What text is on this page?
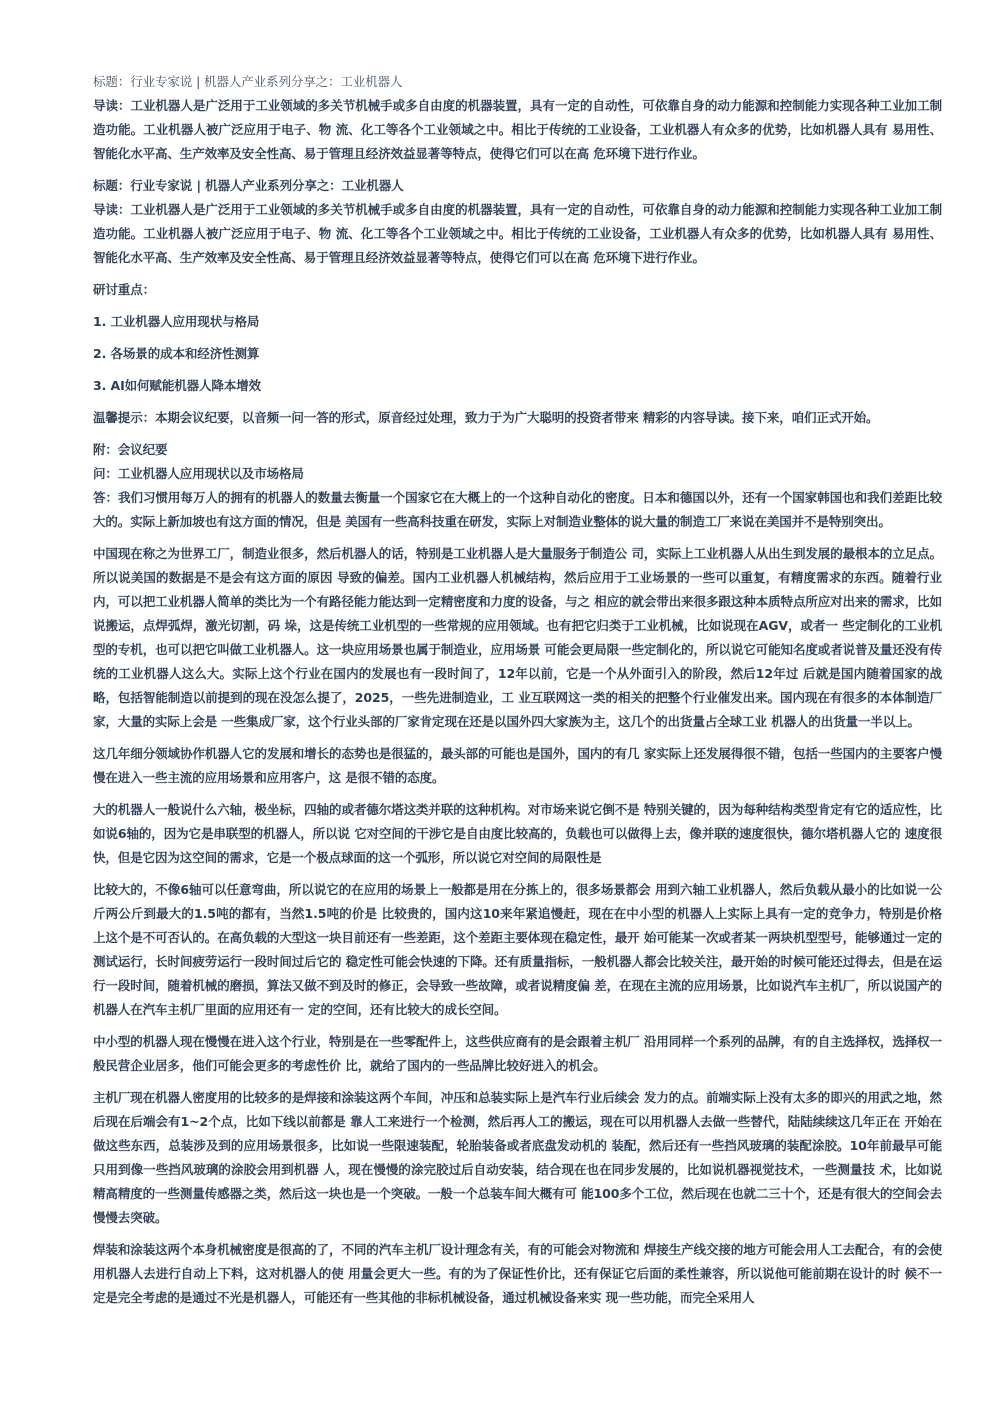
标题：行业专家说 | 机器人产业系列分享之：工业机器人

导读：工业机器人是广泛用于工业领域的多关节机械手或多自由度的机器装置，具有一定的自动性，可依靠自身的动力能源和控制能力实现各种工业加工制造功能。工业机器人被广泛应用于电子、物 流、化工等各个工业领域之中。相比于传统的工业设备，工业机器人有众多的优势，比如机器人具有 易用性、智能化水平高、生产效率及安全性高、易于管理且经济效益显著等特点，使得它们可以在高 危环境下进行作业。

标题：行业专家说 | 机器人产业系列分享之：工业机器人

导读：工业机器人是广泛用于工业领域的多关节机械手或多自由度的机器装置，具有一定的自动性，可依靠自身的动力能源和控制能力实现各种工业加工制造功能。工业机器人被广泛应用于电子、物 流、化工等各个工业领域之中。相比于传统的工业设备，工业机器人有众多的优势，比如机器人具有 易用性、智能化水平高、生产效率及安全性高、易于管理且经济效益显著等特点，使得它们可以在高 危环境下进行作业。

研讨重点：

1. 工业机器人应用现状与格局

2. 各场景的成本和经济性测算

3. AI如何赋能机器人降本增效

温馨提示：本期会议纪要，以音频一问一答的形式，原音经过处理，致力于为广大聪明的投资者带来 精彩的内容导读。接下来，咱们正式开始。

附：会议纪要

问：工业机器人应用现状以及市场格局

答：我们习惯用每万人的拥有的机器人的数量去衡量一个国家它在大概上的一个这种自动化的密度。日本和德国以外，还有一个国家韩国也和我们差距比较大的。实际上新加坡也有这方面的情况，但是 美国有一些高科技重在研发，实际上对制造业整体的说大量的制造工厂来说在美国并不是特别突出。

中国现在称之为世界工厂，制造业很多，然后机器人的话，特别是工业机器人是大量服务于制造公 司，实际上工业机器人从出生到发展的最根本的立足点。所以说美国的数据是不是会有这方面的原因 导致的偏差。国内工业机器人机械结构，然后应用于工业场景的一些可以重复，有精度需求的东西。随着行业内，可以把工业机器人简单的类比为一个有路径能力能达到一定精密度和力度的设备，与之 相应的就会带出来很多跟这种本质特点所应对出来的需求，比如说搬运，点焊弧焊，激光切割，码 垛，这是传统工业机型的一些常规的应用领域。也有把它归类于工业机械，比如说现在AGV，或者一 些定制化的工业机型的专机，也可以把它叫做工业机器人。这一块应用场景也属于制造业，应用场景 可能会更局限一些定制化的，所以说它可能知名度或者说普及量还没有传统的工业机器人这么大。实际上这个行业在国内的发展也有一段时间了，12年以前，它是一个从外面引入的阶段，然后12年过 后就是国内随着国家的战略，包括智能制造以前提到的现在没怎么提了，2025，一些先进制造业，工 业互联网这一类的相关的把整个行业催发出来。国内现在有很多的本体制造厂家，大量的实际上会是 一些集成厂家，这个行业头部的厂家肯定现在还是以国外四大家族为主，这几个的出货量占全球工业 机器人的出货量一半以上。

这几年细分领域协作机器人它的发展和增长的态势也是很猛的，最头部的可能也是国外，国内的有几 家实际上还发展得很不错，包括一些国内的主要客户慢慢在进入一些主流的应用场景和应用客户，这 是很不错的态度。

大的机器人一般说什么六轴，极坐标，四轴的或者德尔塔这类并联的这种机构。对市场来说它倒不是 特别关键的，因为每种结构类型肯定有它的适应性，比如说6轴的，因为它是串联型的机器人，所以说 它对空间的干涉它是自由度比较高的，负载也可以做得上去，像并联的速度很快，德尔塔机器人它的 速度很快，但是它因为这空间的需求，它是一个极点球面的这一个弧形，所以说它对空间的局限性是

比较大的，不像6轴可以任意弯曲，所以说它的在应用的场景上一般都是用在分拣上的，很多场景都会 用到六轴工业机器人，然后负载从最小的比如说一公斤两公斤到最大的1.5吨的都有，当然1.5吨的价是 比较贵的，国内这10来年紧追慢赶，现在在中小型的机器人上实际上具有一定的竞争力，特别是价格 上这个是不可否认的。在高负载的大型这一块目前还有一些差距，这个差距主要体现在稳定性，最开 始可能某一次或者某一两块机型型号，能够通过一定的测试运行，长时间疲劳运行一段时间过后它的 稳定性可能会快速的下降。还有质量指标，一般机器人都会比较关注，最开始的时候可能还过得去，但是在运行一段时间，随着机械的磨损，算法又做不到及时的修正，会导致一些故障，或者说精度偏 差，在现在主流的应用场景，比如说汽车主机厂，所以说国产的机器人在汽车主机厂里面的应用还有一 定的空间，还有比较大的成长空间。

中小型的机器人现在慢慢在进入这个行业，特别是在一些零配件上，这些供应商有的是会跟着主机厂 沿用同样一个系列的品牌，有的自主选择权，选择权一般民营企业居多，他们可能会更多的考虑性价 比，就给了国内的一些品牌比较好进入的机会。

主机厂现在机器人密度用的比较多的是焊接和涂装这两个车间，冲压和总装实际上是汽车行业后续会 发力的点。前端实际上没有太多的即兴的用武之地，然后现在后端会有1~2个点，比如下线以前都是 靠人工来进行一个检测，然后再人工的搬运，现在可以用机器人去做一些替代，陆陆续续这几年正在 开始在做这些东西，总装涉及到的应用场景很多，比如说一些限速装配，轮胎装备或者底盘发动机的 装配，然后还有一些挡风玻璃的装配涂胶。10年前最早可能只用到像一些挡风玻璃的涂胶会用到机器 人，现在慢慢的涂完胶过后自动安装，结合现在也在同步发展的，比如说机器视觉技术，一些测量技 术，比如说精高精度的一些测量传感器之类，然后这一块也是一个突破。一般一个总装车间大概有可 能100多个工位，然后现在也就二三十个，还是有很大的空间会去慢慢去突破。

焊装和涂装这两个本身机械密度是很高的了，不同的汽车主机厂设计理念有关，有的可能会对物流和 焊接生产线交接的地方可能会用人工去配合，有的会使用机器人去进行自动上下料，这对机器人的使 用量会更大一些。有的为了保证性价比，还有保证它后面的柔性兼容，所以说他可能前期在设计的时 候不一定是完全考虑的是通过不光是机器人，可能还有一些其他的非标机械设备，通过机械设备来实 现一些功能，而完全采用人
